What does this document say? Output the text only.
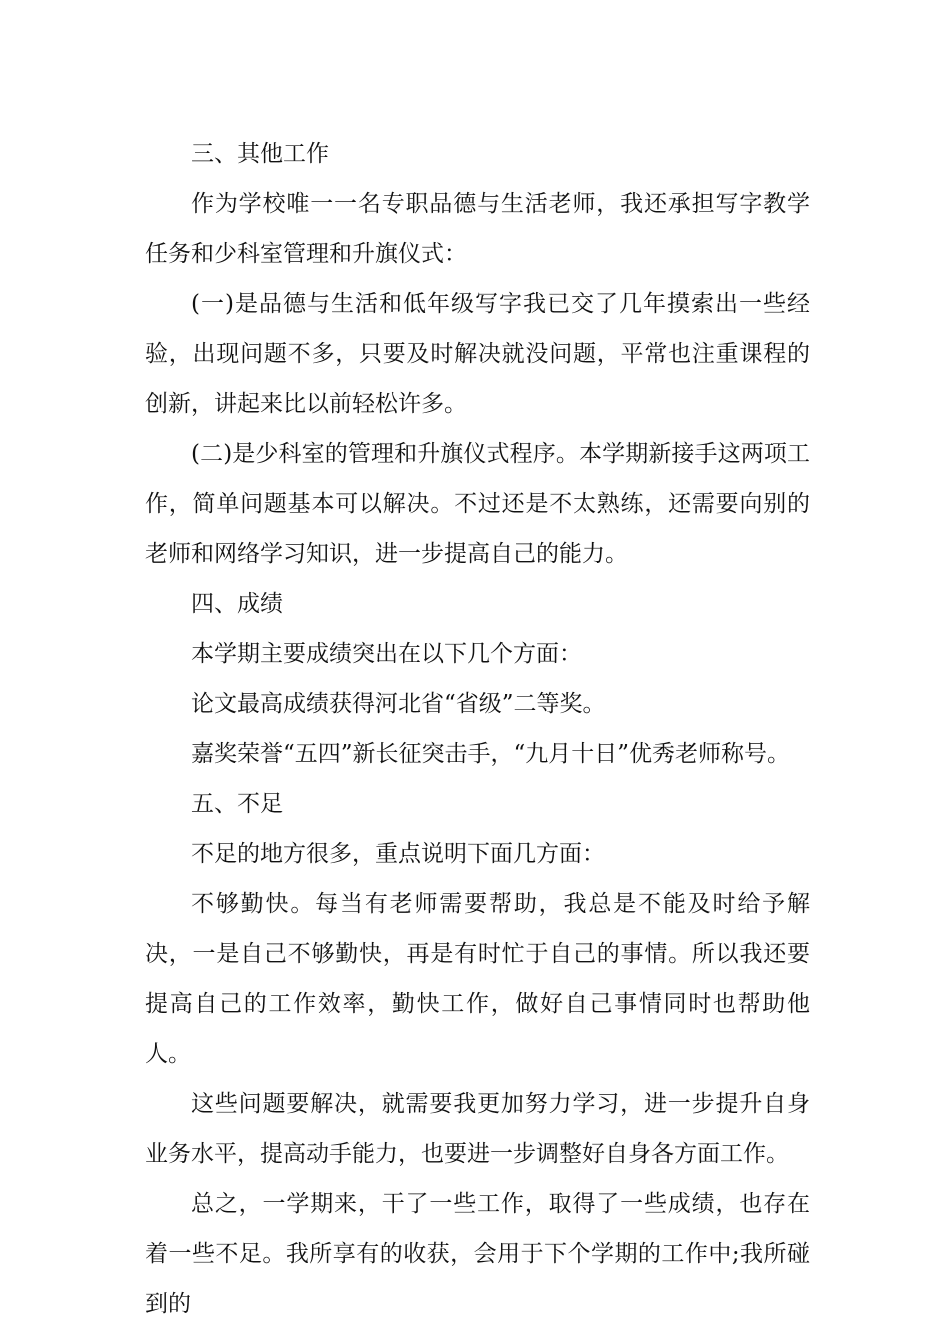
三、其他工作

作为学校唯一一名专职品德与生活老师，我还承担写字教学任务和少科室管理和升旗仪式：

(一)是品德与生活和低年级写字我已交了几年摸索出一些经验，出现问题不多，只要及时解决就没问题，平常也注重课程的创新，讲起来比以前轻松许多。

(二)是少科室的管理和升旗仪式程序。本学期新接手这两项工作，简单问题基本可以解决。不过还是不太熟练，还需要向别的老师和网络学习知识，进一步提高自己的能力。

四、成绩

本学期主要成绩突出在以下几个方面：

论文最高成绩获得河北省“省级”二等奖。

嘉奖荣誉“五四”新长征突击手，“九月十日”优秀老师称号。

五、不足

不足的地方很多，重点说明下面几方面：

不够勤快。每当有老师需要帮助，我总是不能及时给予解决，一是自己不够勤快，再是有时忙于自己的事情。所以我还要提高自己的工作效率，勤快工作，做好自己事情同时也帮助他人。

这些问题要解决，就需要我更加努力学习，进一步提升自身业务水平，提高动手能力，也要进一步调整好自身各方面工作。

总之，一学期来，干了一些工作，取得了一些成绩，也存在着一些不足。我所享有的收获，会用于下个学期的工作中;我所碰到的
